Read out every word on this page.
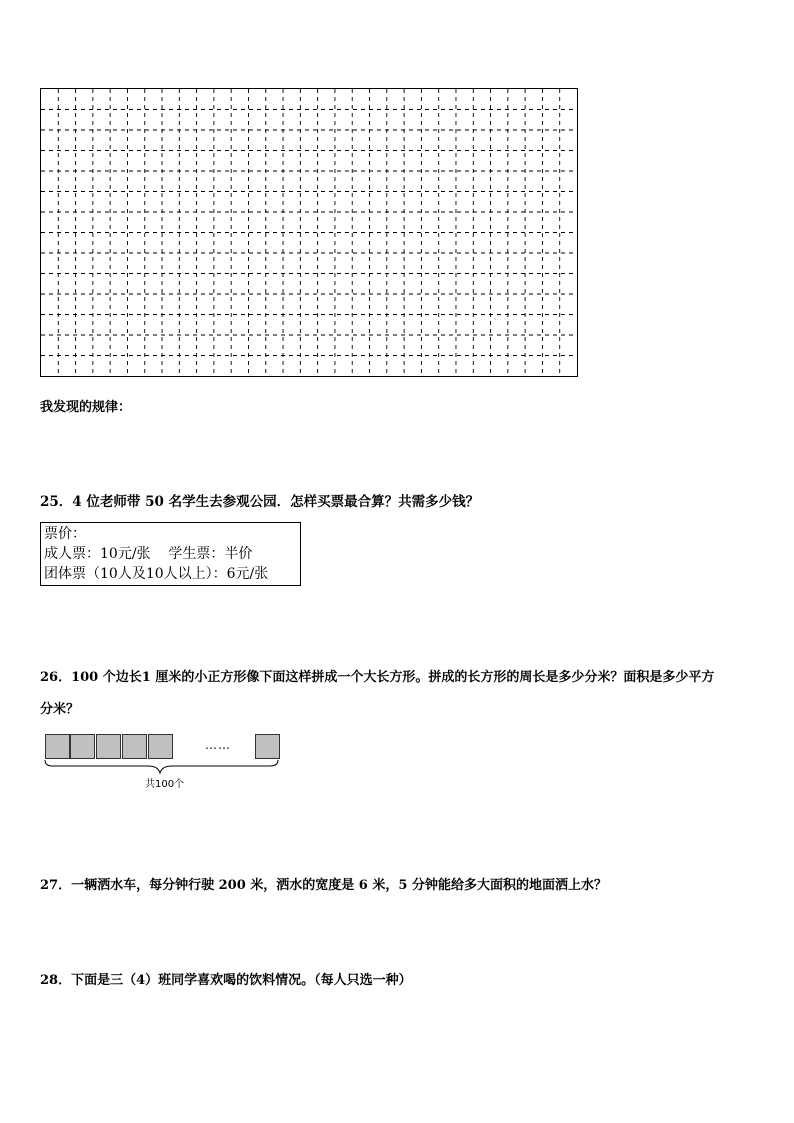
我发现的规律：
25．4 位老师带 50 名学生去参观公园．怎样买票最合算？共需多少钱？
票价：
成人票：10元/张    学生票：半价
团体票（10人及10人以上）：6元/张
26．100 个边长1 厘米的小正方形像下面这样拼成一个大长方形。拼成的长方形的周长是多少分米？面积是多少平方
分米？
……
共100个
27．一辆洒水车，每分钟行驶 200 米，洒水的宽度是 6 米，5 分钟能给多大面积的地面洒上水？
28．下面是三（4）班同学喜欢喝的饮料情况。（每人只选一种）
